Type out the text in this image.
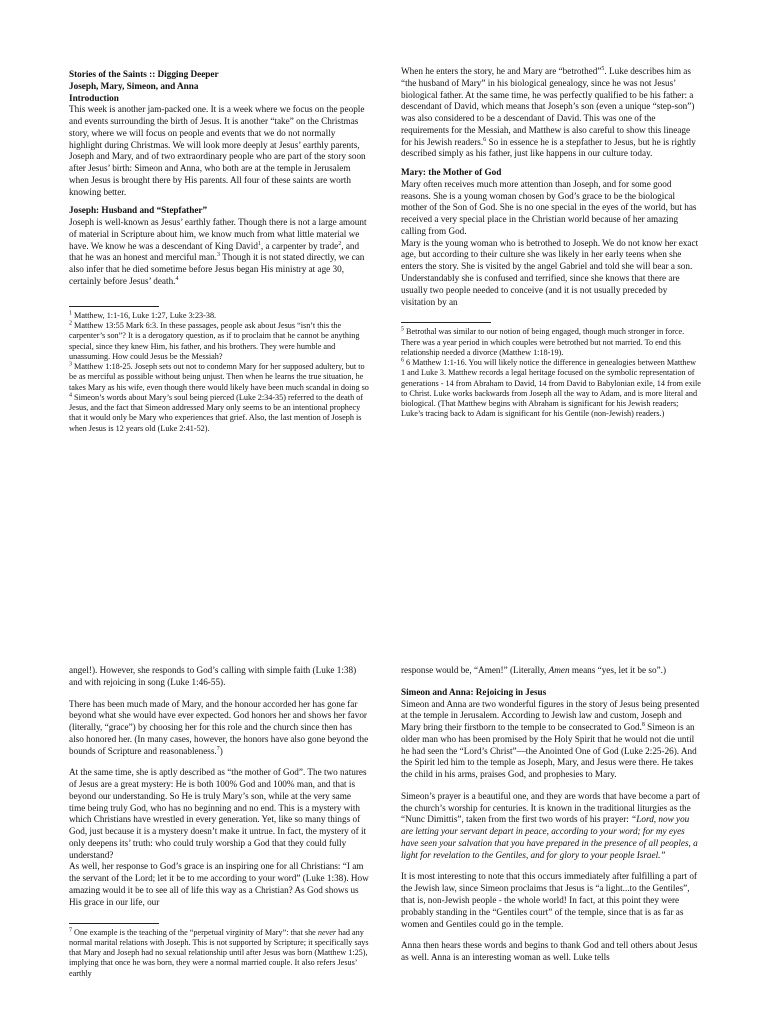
Stories of the Saints :: Digging Deeper

Joseph, Mary, Simeon, and Anna

Introduction

This week is another jam-packed one. It is a week where we focus on the people and events surrounding the birth of Jesus. It is another “take” on the Christmas story, where we will focus on people and events that we do not normally highlight during Christmas. We will look more deeply at Jesus’ earthly parents, Joseph and Mary, and of two extraordinary people who are part of the story soon after Jesus’ birth: Simeon and Anna, who both are at the temple in Jerusalem when Jesus is brought there by His parents. All four of these saints are worth knowing better.

Joseph: Husband and “Stepfather”

Joseph is well-known as Jesus’ earthly father. Though there is not a large amount of material in Scripture about him, we know much from what little material we have. We know he was a descendant of King David$^1$, a carpenter by trade$^2$, and that he was an honest and merciful man.$^3$ Though it is not stated directly, we can also infer that he died sometime before Jesus began His ministry at age 30, certainly before Jesus’ death.$^4$

$^1$ Matthew, 1:1-16, Luke 1:27, Luke 3:23-38.

$^2$ Matthew 13:55 Mark 6:3. In these passages, people ask about Jesus “isn’t this the carpenter’s son”? It is a derogatory question, as if to proclaim that he cannot be anything special, since they knew Him, his father, and his brothers. They were humble and unassuming. How could Jesus be the Messiah?

$^3$ Matthew 1:18-25. Joseph sets out not to condemn Mary for her supposed adultery, but to be as merciful as possible without being unjust. Then when he learns the true situation, he takes Mary as his wife, even though there would likely have been much scandal in doing so

$^4$ Simeon’s words about Mary’s soul being pierced (Luke 2:34-35) referred to the death of Jesus, and the fact that Simeon addressed Mary only seems to be an intentional prophecy that it would only be Mary who experiences that grief. Also, the last mention of Joseph is when Jesus is 12 years old (Luke 2:41-52).

When he enters the story, he and Mary are “betrothed”$^5$. Luke describes him as “the husband of Mary” in his biological genealogy, since he was not Jesus’ biological father. At the same time, he was perfectly qualified to be his father: a descendant of David, which means that Joseph’s son (even a unique “step-son”) was also considered to be a descendant of David. This was one of the requirements for the Messiah, and Matthew is also careful to show this lineage for his Jewish readers.$^6$ So in essence he is a stepfather to Jesus, but he is rightly described simply as his father, just like happens in our culture today.

Mary: the Mother of God

Mary often receives much more attention than Joseph, and for some good reasons. She is a young woman chosen by God’s grace to be the biological mother of the Son of God. She is no one special in the eyes of the world, but has received a very special place in the Christian world because of her amazing calling from God.

Mary is the young woman who is betrothed to Joseph. We do not know her exact age, but according to their culture she was likely in her early teens when she enters the story. She is visited by the angel Gabriel and told she will bear a son. Understandably she is confused and terrified, since she knows that there are usually two people needed to conceive (and it is not usually preceded by visitation by an

$^5$ Betrothal was similar to our notion of being engaged, though much stronger in force. There was a year period in which couples were betrothed but not married. To end this relationship needed a divorce (Matthew 1:18-19).

$^6$ 6 Matthew 1:1-16. You will likely notice the difference in genealogies between Matthew 1 and Luke 3. Matthew records a legal heritage focused on the symbolic representation of generations - 14 from Abraham to David, 14 from David to Babylonian exile, 14 from exile to Christ. Luke works backwards from Joseph all the way to Adam, and is more literal and biological. (That Matthew begins with Abraham is significant for his Jewish readers; Luke’s tracing back to Adam is significant for his Gentile (non-Jewish) readers.)

angel!). However, she responds to God’s calling with simple faith (Luke 1:38) and with rejoicing in song (Luke 1:46-55).

There has been much made of Mary, and the honour accorded her has gone far beyond what she would have ever expected. God honors her and shows her favor (literally, “grace”) by choosing her for this role and the church since then has also honored her. (In many cases, however, the honors have also gone beyond the bounds of Scripture and reasonableness.$^7$)

At the same time, she is aptly described as “the mother of God”. The two natures of Jesus are a great mystery: He is both 100% God and 100% man, and that is beyond our understanding. So He is truly Mary’s son, while at the very same time being truly God, who has no beginning and no end. This is a mystery with which Christians have wrestled in every generation. Yet, like so many things of God, just because it is a mystery doesn’t make it untrue. In fact, the mystery of it only deepens its’ truth: who could truly worship a God that they could fully understand?

As well, her response to God’s grace is an inspiring one for all Christians: “I am the servant of the Lord; let it be to me according to your word” (Luke 1:38). How amazing would it be to see all of life this way as a Christian? As God shows us His grace in our life, our

$^7$ One example is the teaching of the “perpetual virginity of Mary”: that she never had any normal marital relations with Joseph. This is not supported by Scripture; it specifically says that Mary and Joseph had no sexual relationship until after Jesus was born (Matthew 1:25), implying that once he was born, they were a normal married couple. It also refers Jesus’ earthly

response would be, “Amen!” (Literally, Amen means “yes, let it be so”.)

Simeon and Anna: Rejoicing in Jesus

Simeon and Anna are two wonderful figures in the story of Jesus being presented at the temple in Jerusalem. According to Jewish law and custom, Joseph and Mary bring their firstborn to the temple to be consecrated to God.$^8$ Simeon is an older man who has been promised by the Holy Spirit that he would not die until he had seen the “Lord’s Christ”—the Anointed One of God (Luke 2:25-26). And the Spirit led him to the temple as Joseph, Mary, and Jesus were there. He takes the child in his arms, praises God, and prophesies to Mary.

Simeon’s prayer is a beautiful one, and they are words that have become a part of the church’s worship for centuries. It is known in the traditional liturgies as the “Nunc Dimittis”, taken from the first two words of his prayer: “Lord, now you are letting your servant depart in peace, according to your word; for my eyes have seen your salvation that you have prepared in the presence of all peoples, a light for revelation to the Gentiles, and for glory to your people Israel.”

It is most interesting to note that this occurs immediately after fulfilling a part of the Jewish law, since Simeon proclaims that Jesus is “a light...to the Gentiles”, that is, non-Jewish people - the whole world! In fact, at this point they were probably standing in the “Gentiles court” of the temple, since that is as far as women and Gentiles could go in the temple.

Anna then hears these words and begins to thank God and tell others about Jesus as well. Anna is an interesting woman as well. Luke tells
